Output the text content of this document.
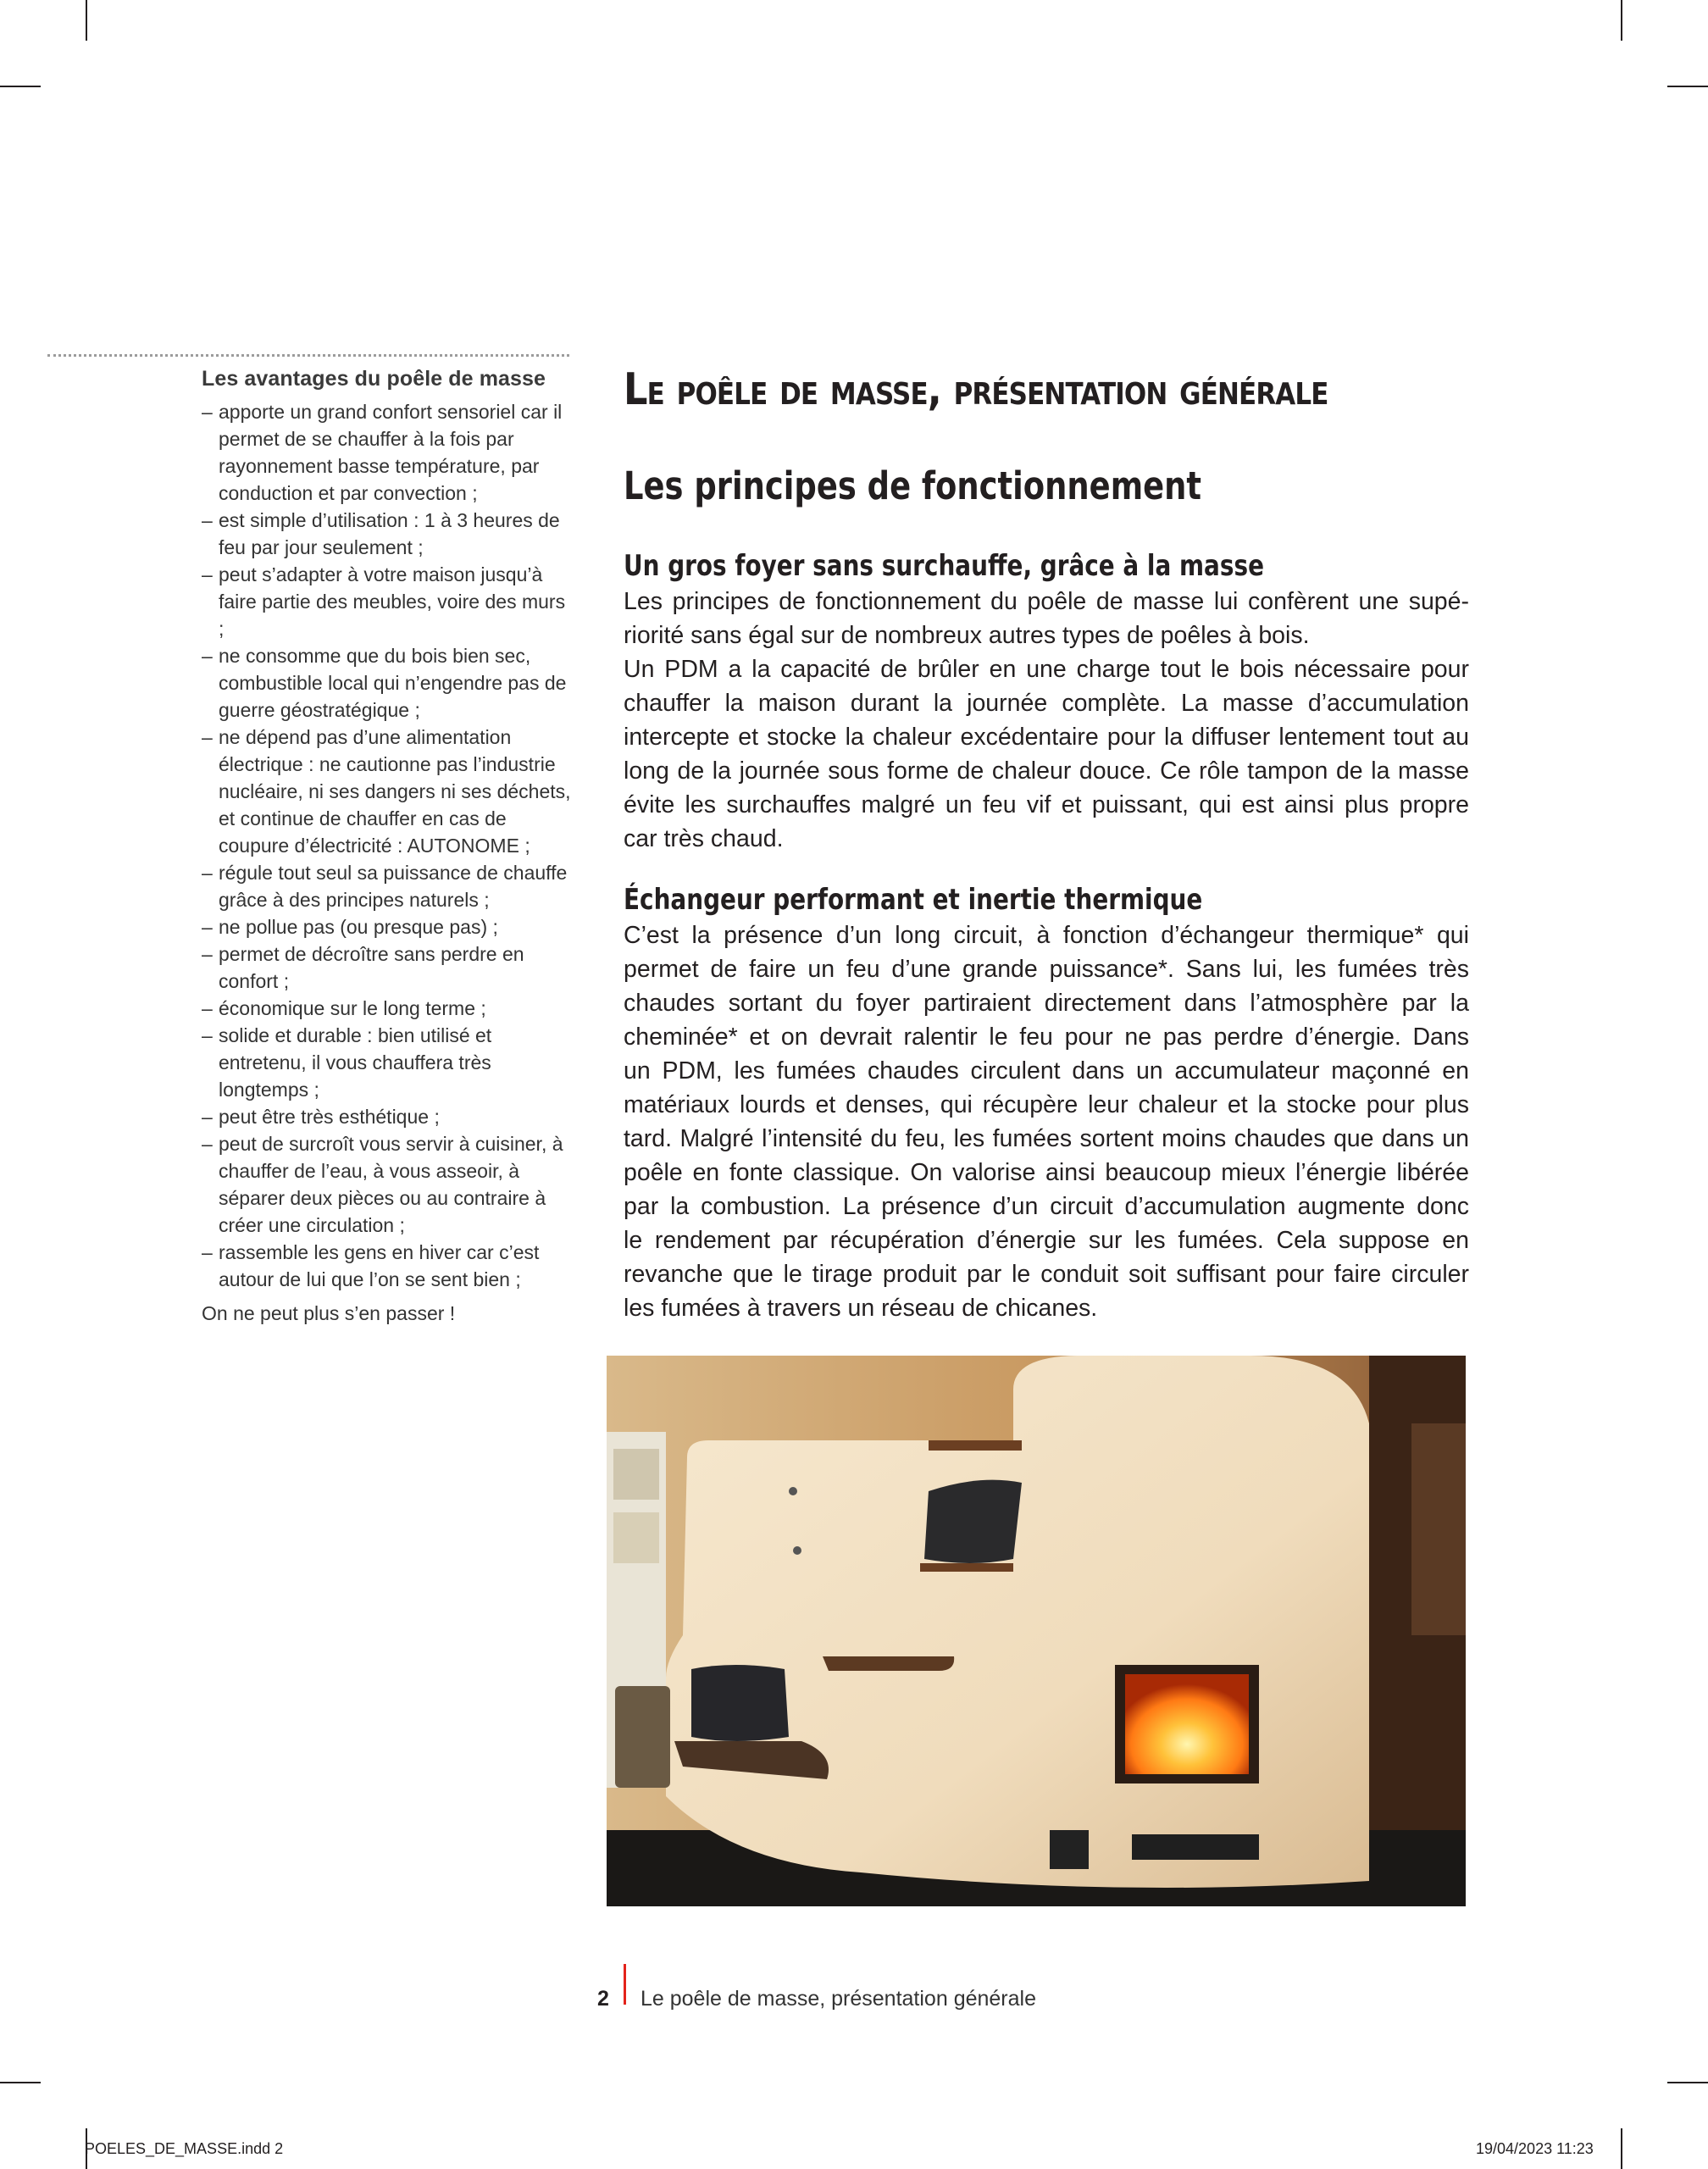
Les avantages du poêle de masse
– apporte un grand confort sensoriel car il permet de se chauffer à la fois par rayonnement basse température, par conduction et par convection ;
– est simple d’utilisation : 1 à 3 heures de feu par jour seulement ;
– peut s’adapter à votre maison jusqu’à faire partie des meubles, voire des murs ;
– ne consomme que du bois bien sec, combustible local qui n’engendre pas de guerre géostratégique ;
– ne dépend pas d’une alimentation électrique : ne cautionne pas l’industrie nucléaire, ni ses dangers ni ses déchets, et continue de chauffer en cas de coupure d’électricité : AUTONOME ;
– régule tout seul sa puissance de chauffe grâce à des principes naturels ;
– ne pollue pas (ou presque pas) ;
– permet de décroître sans perdre en confort ;
– économique sur le long terme ;
– solide et durable : bien utilisé et entretenu, il vous chauffera très longtemps ;
– peut être très esthétique ;
– peut de surcroît vous servir à cuisiner, à chauffer de l’eau, à vous asseoir, à séparer deux pièces ou au contraire à créer une circulation ;
– rassemble les gens en hiver car c’est autour de lui que l’on se sent bien ;

On ne peut plus s’en passer !

Le poêle de masse, présentation générale
Les principes de fonctionnement
Un gros foyer sans surchauffe, grâce à la masse

Les principes de fonctionnement du poêle de masse lui confèrent une supé-
riorité sans égal sur de nombreux autres types de poêles à bois.
Un PDM a la capacité de brûler en une charge tout le bois nécessaire pour
chauffer la maison durant la journée complète. La masse d’accumulation
intercepte et stocke la chaleur excédentaire pour la diffuser lentement tout au
long de la journée sous forme de chaleur douce. Ce rôle tampon de la masse
évite les surchauffes malgré un feu vif et puissant, qui est ainsi plus propre
car très chaud.

Échangeur performant et inertie thermique

C’est la présence d’un long circuit, à fonction d’échangeur thermique* qui
permet de faire un feu d’une grande puissance*. Sans lui, les fumées très
chaudes sortant du foyer partiraient directement dans l’atmosphère par la
cheminée* et on devrait ralentir le feu pour ne pas perdre d’énergie. Dans
un PDM, les fumées chaudes circulent dans un accumulateur maçonné en
matériaux lourds et denses, qui récupère leur chaleur et la stocke pour plus
tard. Malgré l’intensité du feu, les fumées sortent moins chaudes que dans un
poêle en fonte classique. On valorise ainsi beaucoup mieux l’énergie libérée
par la combustion. La présence d’un circuit d’accumulation augmente donc
le rendement par récupération d’énergie sur les fumées. Cela suppose en
revanche que le tirage produit par le conduit soit suffisant pour faire circuler
les fumées à travers un réseau de chicanes.

2 Le poêle de masse, présentation générale
POELES_DE_MASSE.indd 2	19/04/2023 11:23
